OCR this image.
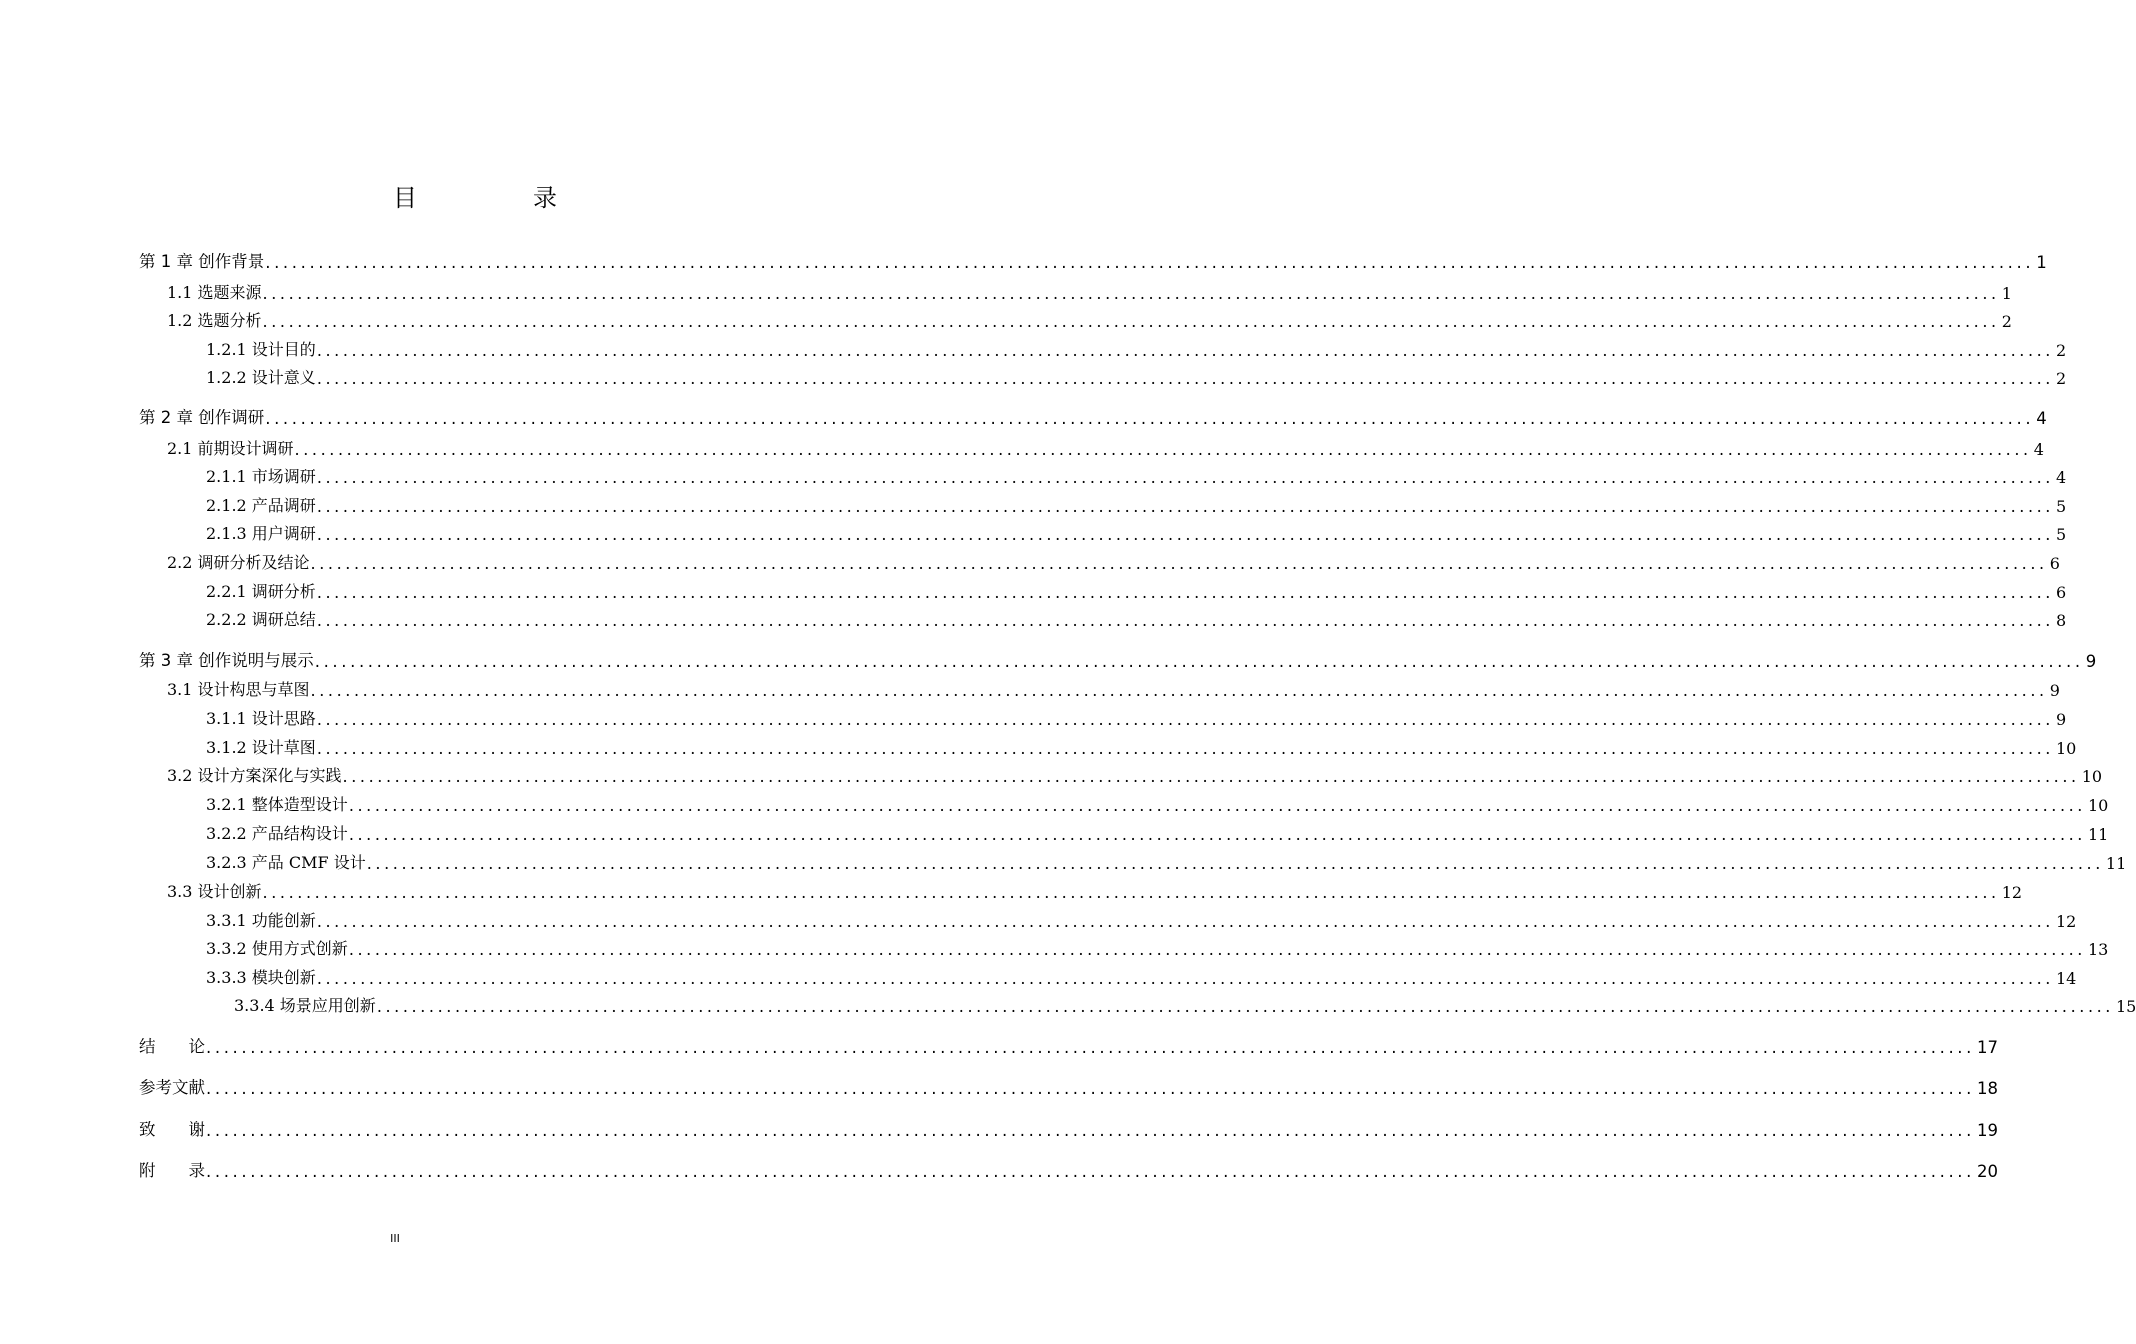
目　录
第 1 章 创作背景 ........................................................................................................................................................................................................ 1
1.1 选题来源 ........................................................................................................................................................................................................ 1
1.2 选题分析 ........................................................................................................................................................................................................ 2
1.2.1 设计目的 ........................................................................................................................................................................................................ 2
1.2.2 设计意义 ........................................................................................................................................................................................................ 2
第 2 章 创作调研 ........................................................................................................................................................................................................ 4
2.1 前期设计调研 ........................................................................................................................................................................................................ 4
2.1.1 市场调研 ........................................................................................................................................................................................................ 4
2.1.2 产品调研 ........................................................................................................................................................................................................ 5
2.1.3 用户调研 ........................................................................................................................................................................................................ 5
2.2 调研分析及结论 ........................................................................................................................................................................................................ 6
2.2.1 调研分析 ........................................................................................................................................................................................................ 6
2.2.2 调研总结 ........................................................................................................................................................................................................ 8
第 3 章 创作说明与展示 ........................................................................................................................................................................................................ 9
3.1 设计构思与草图 ........................................................................................................................................................................................................ 9
3.1.1 设计思路 ........................................................................................................................................................................................................ 9
3.1.2 设计草图 ........................................................................................................................................................................................................ 10
3.2 设计方案深化与实践 ........................................................................................................................................................................................................ 10
3.2.1 整体造型设计 ........................................................................................................................................................................................................ 10
3.2.2 产品结构设计 ........................................................................................................................................................................................................ 11
3.2.3 产品 CMF 设计 ........................................................................................................................................................................................................ 11
3.3 设计创新 ........................................................................................................................................................................................................ 12
3.3.1 功能创新 ........................................................................................................................................................................................................ 12
3.3.2 使用方式创新 ........................................................................................................................................................................................................ 13
3.3.3 模块创新 ........................................................................................................................................................................................................ 14
3.3.4 场景应用创新 ........................................................................................................................................................................................................ 15
结　　论 ........................................................................................................................................................................................................ 17
参考文献 ........................................................................................................................................................................................................ 18
致　　谢 ........................................................................................................................................................................................................ 19
附　　录 ........................................................................................................................................................................................................ 20
III
